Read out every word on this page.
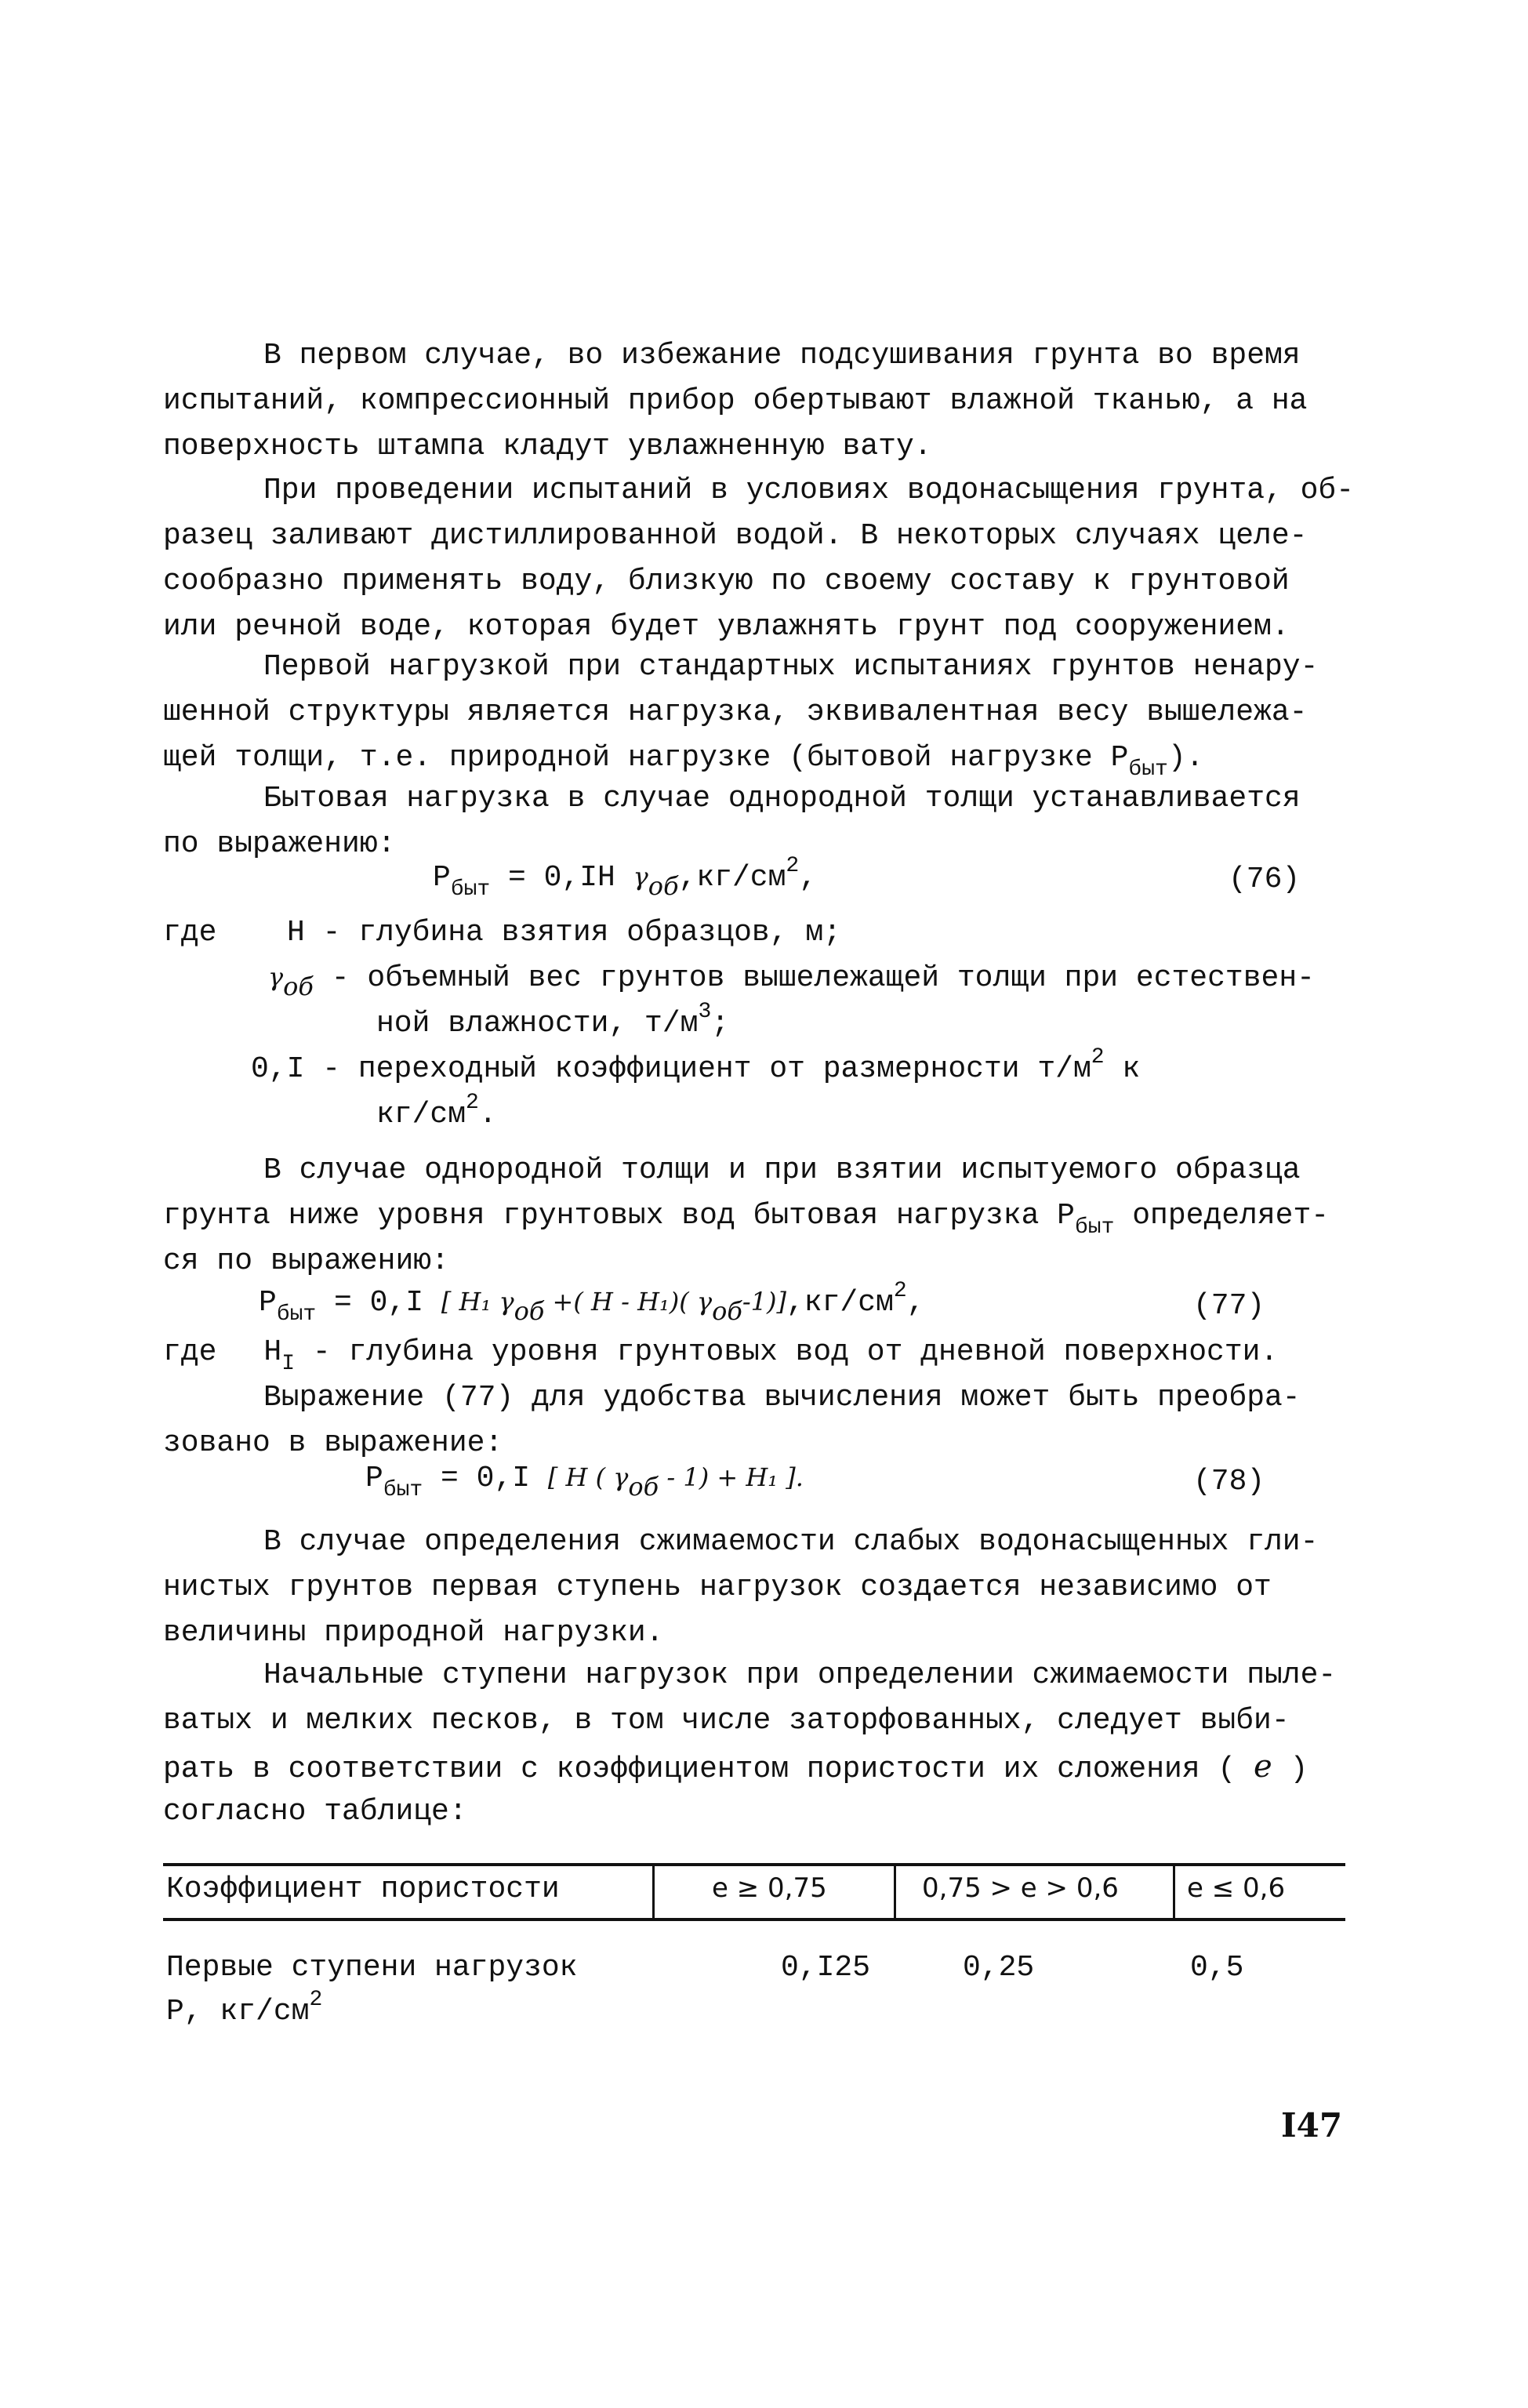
В первом случае, во избежание подсушивания грунта во время
испытаний, компрессионный прибор обертывают влажной тканью, а на
поверхность штампа кладут увлажненную вату.
При проведении испытаний в условиях водонасыщения грунта, об-
разец заливают дистиллированной водой. В некоторых случаях целе-
сообразно применять воду, близкую по своему составу к грунтовой
или речной воде, которая будет увлажнять грунт под сооружением.
Первой нагрузкой при стандартных испытаниях грунтов ненару-
шенной структуры является нагрузка, эквивалентная весу вышележа-
щей толщи, т.е. природной нагрузке (бытовой нагрузке $P_{быт}$).
Бытовая нагрузка в случае однородной толщи устанавливается
по выражению:
$P_{быт} = 0,IH$ $\gamma_{об},кг/см^2$,	(76)
где H - глубина взятия образцов, м;
$\gamma_{об}$ - объемный вес грунтов вышележащей толщи при естествен-
ной влажности, $т/м^3$;
0,I - переходный коэффициент от размерности $т/м^2$ к
$кг/см^2$.
В случае однородной толщи и при взятии испытуемого образца
грунта ниже уровня грунтовых вод бытовая нагрузка $P_{быт}$ определяет-
ся по выражению:
$P_{быт} = 0,I$ [ H₁ $\gamma_{об}$ +( H - H₁)( $\gamma_{об}-1)],кг/см^2$,	(77)
где $H_I$ - глубина уровня грунтовых вод от дневной поверхности.
Выражение (77) для удобства вычисления может быть преобра-
зовано в выражение:
$P_{быт} = 0,I$ [ H ( $\gamma_{об} - 1) + H_1$ ].	(78)
В случае определения сжимаемости слабых водонасыщенных гли-
нистых грунтов первая ступень нагрузок создается независимо от
величины природной нагрузки.
Начальные ступени нагрузок при определении сжимаемости пыле-
ватых и мелких песков, в том числе заторфованных, следует выби-
рать в соответствии с коэффициентом пористости их сложения ( e )
согласно таблице:
Коэффициент пористости	e ≥ 0,75	0,75 > e > 0,6	e ≤ 0,6
Первые ступени нагрузок
P, $кг/см^2$
0,I25	0,25	0,5
I47
